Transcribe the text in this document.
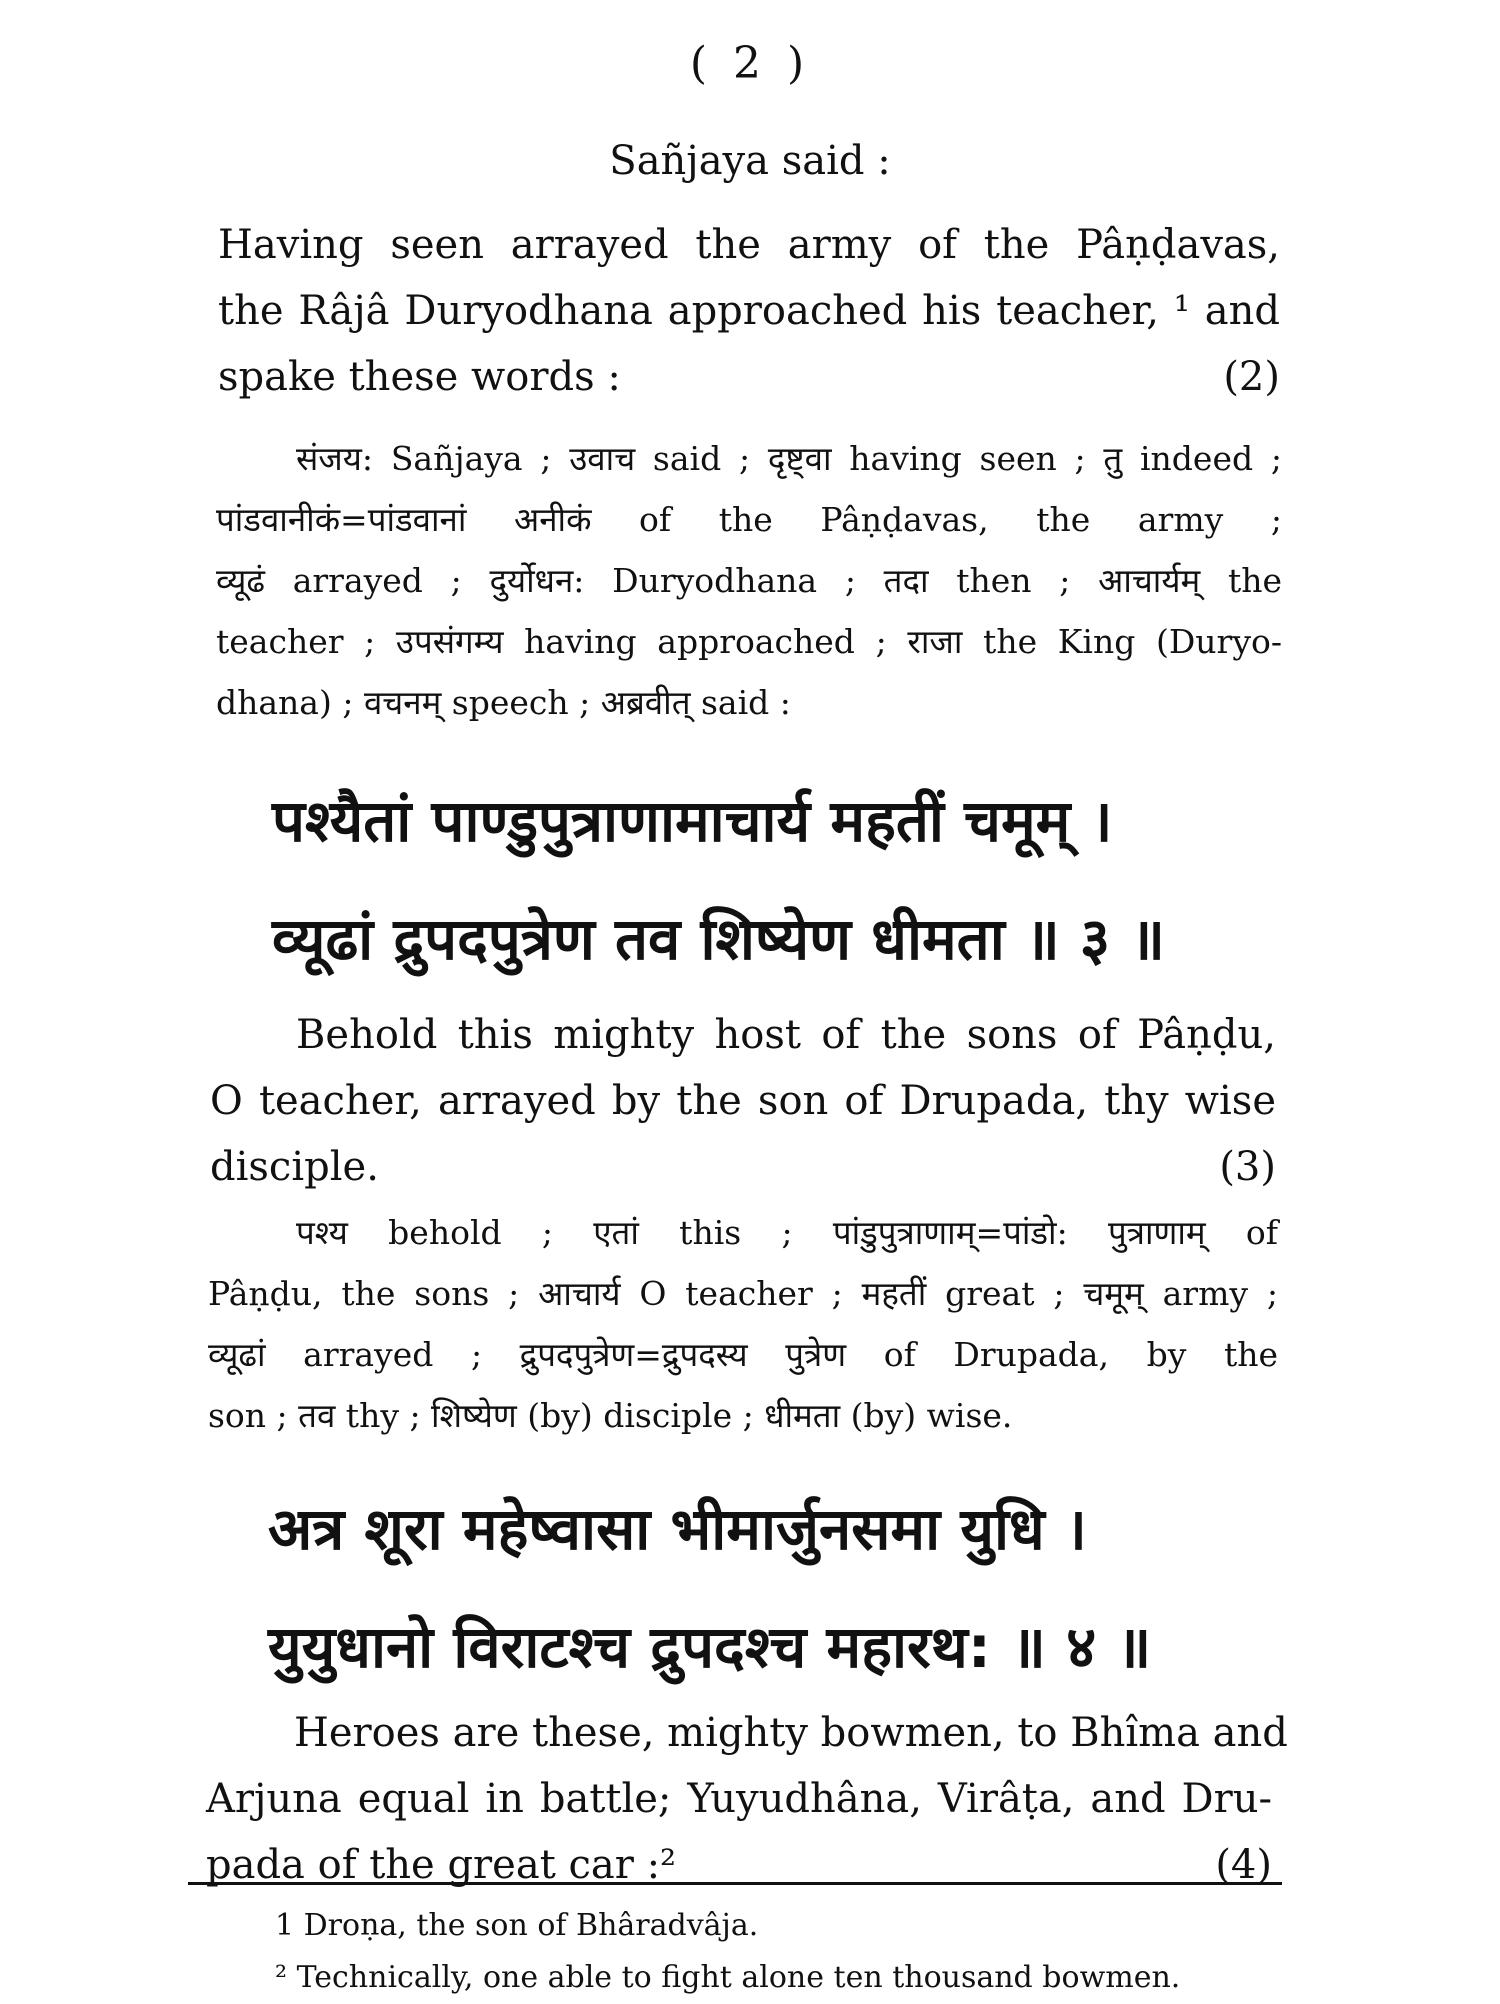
( 2 )
Sañjaya said :
Having seen arrayed the army of the Pâṇḍavas,
the Râjâ Duryodhana approached his teacher, ¹ and
spake these words :	(2)
संजय: Sañjaya ; उवाच said ; दृष्ट्वा having seen ; तु indeed ;
पांडवानीकं=पांडवानां अनीकं of the Pâṇḍavas, the army ;
व्यूढं arrayed ; दुर्योधन: Duryodhana ; तदा then ; आचार्यम् the
teacher ; उपसंगम्य having approached ; राजा the King (Duryo-
dhana) ; वचनम् speech ; अब्रवीत् said :
पश्यैतां पाण्डुपुत्राणामाचार्य महतीं चमूम् ।
व्यूढां द्रुपदपुत्रेण तव शिष्येण धीमता ॥ ३ ॥
Behold this mighty host of the sons of Pâṇḍu,
O teacher, arrayed by the son of Drupada, thy wise
disciple.	(3)
पश्य behold ; एतां this ; पांडुपुत्राणाम्=पांडो: पुत्राणाम् of
Pâṇḍu, the sons ; आचार्य O teacher ; महतीं great ; चमूम् army ;
व्यूढां arrayed ; द्रुपदपुत्रेण=द्रुपदस्य पुत्रेण of Drupada, by the
son ; तव thy ; शिष्येण (by) disciple ; धीमता (by) wise.
अत्र शूरा महेष्वासा भीमार्जुनसमा युधि ।
युयुधानो विराटश्च द्रुपदश्च महारथ: ॥ ४ ॥
Heroes are these, mighty bowmen, to Bhîma and
Arjuna equal in battle; Yuyudhâna, Virâṭa, and Dru-
pada of the great car :²	(4)
1 Droṇa, the son of Bhâradvâja.
² Technically, one able to fight alone ten thousand bowmen.
